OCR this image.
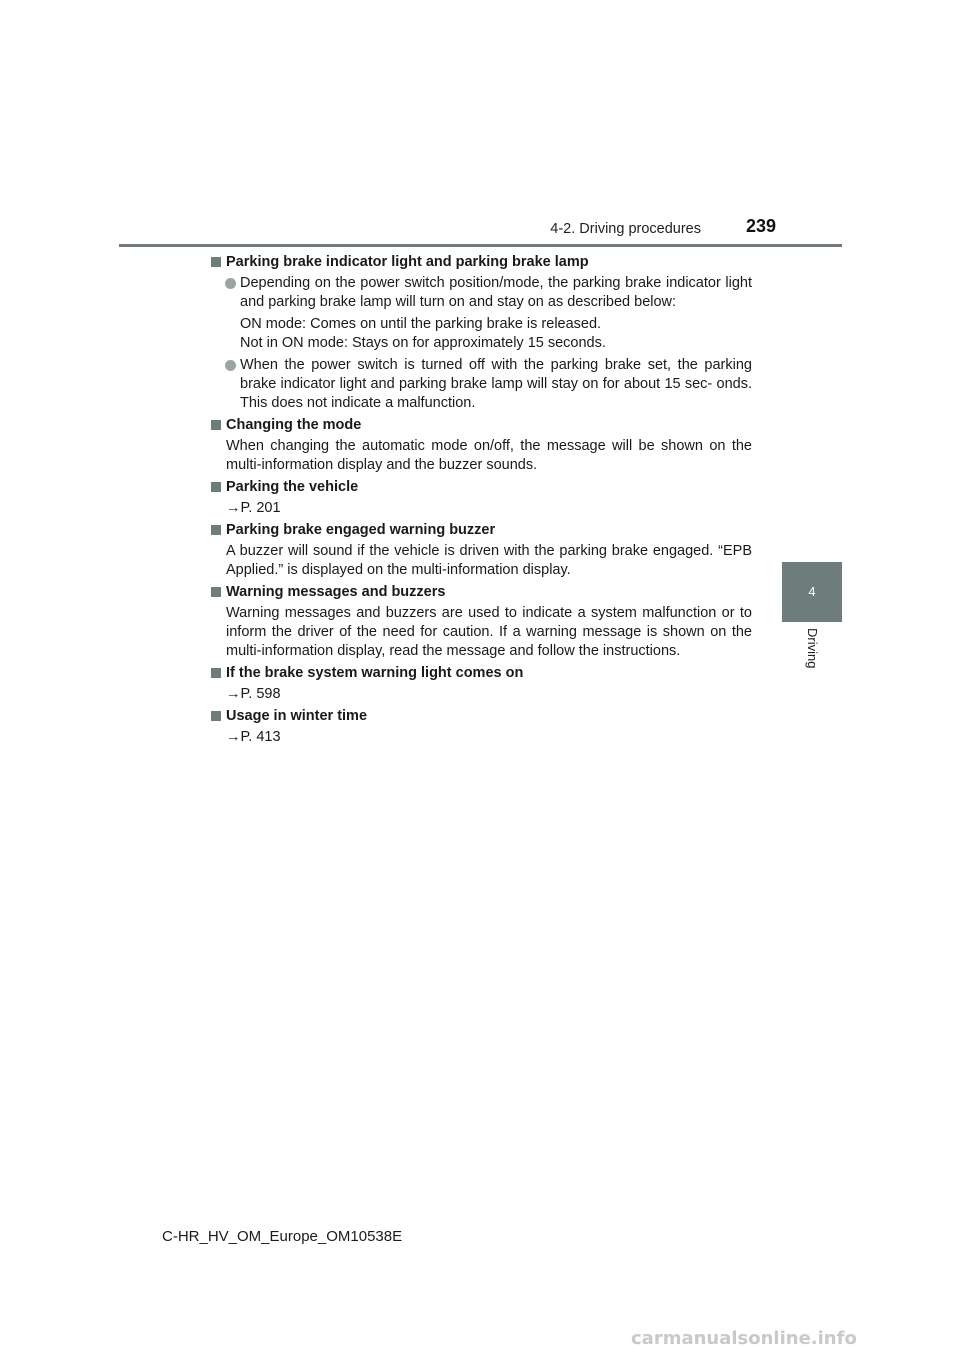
4-2. Driving procedures	239
4
Driving
Parking brake indicator light and parking brake lamp
Depending on the power switch position/mode, the parking brake indicator light and parking brake lamp will turn on and stay on as described below:
ON mode: Comes on until the parking brake is released.
Not in ON mode: Stays on for approximately 15 seconds.
When the power switch is turned off with the parking brake set, the parking brake indicator light and parking brake lamp will stay on for about 15 sec- onds. This does not indicate a malfunction.
Changing the mode
When changing the automatic mode on/off, the message will be shown on the multi-information display and the buzzer sounds.
Parking the vehicle
→P. 201
Parking brake engaged warning buzzer
A buzzer will sound if the vehicle is driven with the parking brake engaged. “EPB Applied.” is displayed on the multi-information display.
Warning messages and buzzers
Warning messages and buzzers are used to indicate a system malfunction or to inform the driver of the need for caution. If a warning message is shown on the multi-information display, read the message and follow the instructions.
If the brake system warning light comes on
→P. 598
Usage in winter time
→P. 413
C-HR_HV_OM_Europe_OM10538E
carmanualsonline.info
